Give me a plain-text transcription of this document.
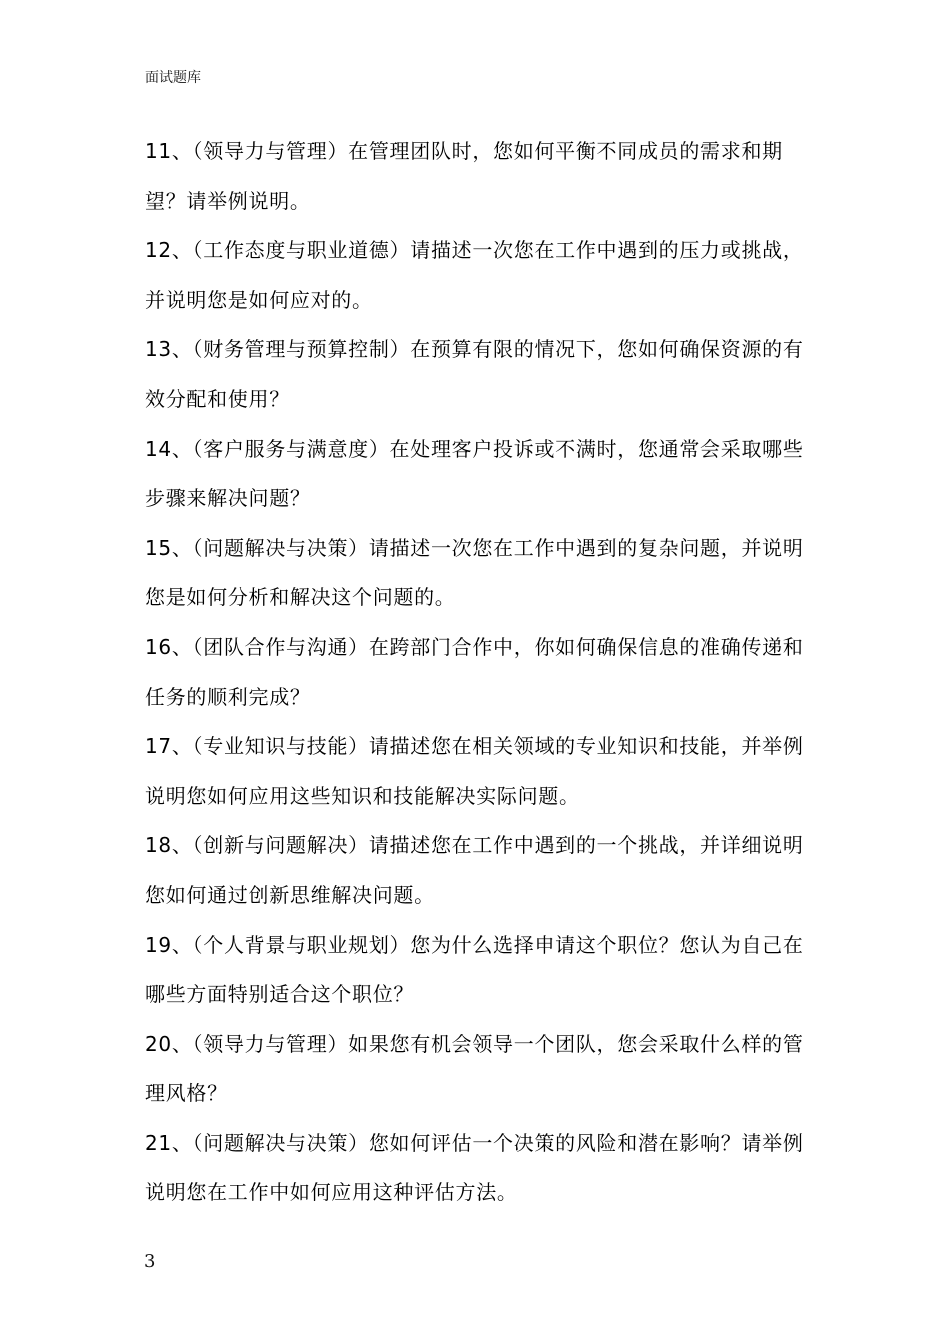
面试题库
11、（领导力与管理）在管理团队时，您如何平衡不同成员的需求和期望？请举例说明。
12、（工作态度与职业道德）请描述一次您在工作中遇到的压力或挑战，并说明您是如何应对的。
13、（财务管理与预算控制）在预算有限的情况下，您如何确保资源的有效分配和使用？
14、（客户服务与满意度）在处理客户投诉或不满时，您通常会采取哪些步骤来解决问题？
15、（问题解决与决策）请描述一次您在工作中遇到的复杂问题，并说明您是如何分析和解决这个问题的。
16、（团队合作与沟通）在跨部门合作中，你如何确保信息的准确传递和任务的顺利完成？
17、（专业知识与技能）请描述您在相关领域的专业知识和技能，并举例说明您如何应用这些知识和技能解决实际问题。
18、（创新与问题解决）请描述您在工作中遇到的一个挑战，并详细说明您如何通过创新思维解决问题。
19、（个人背景与职业规划）您为什么选择申请这个职位？您认为自己在哪些方面特别适合这个职位？
20、（领导力与管理）如果您有机会领导一个团队，您会采取什么样的管理风格？
21、（问题解决与决策）您如何评估一个决策的风险和潜在影响？请举例说明您在工作中如何应用这种评估方法。
3
